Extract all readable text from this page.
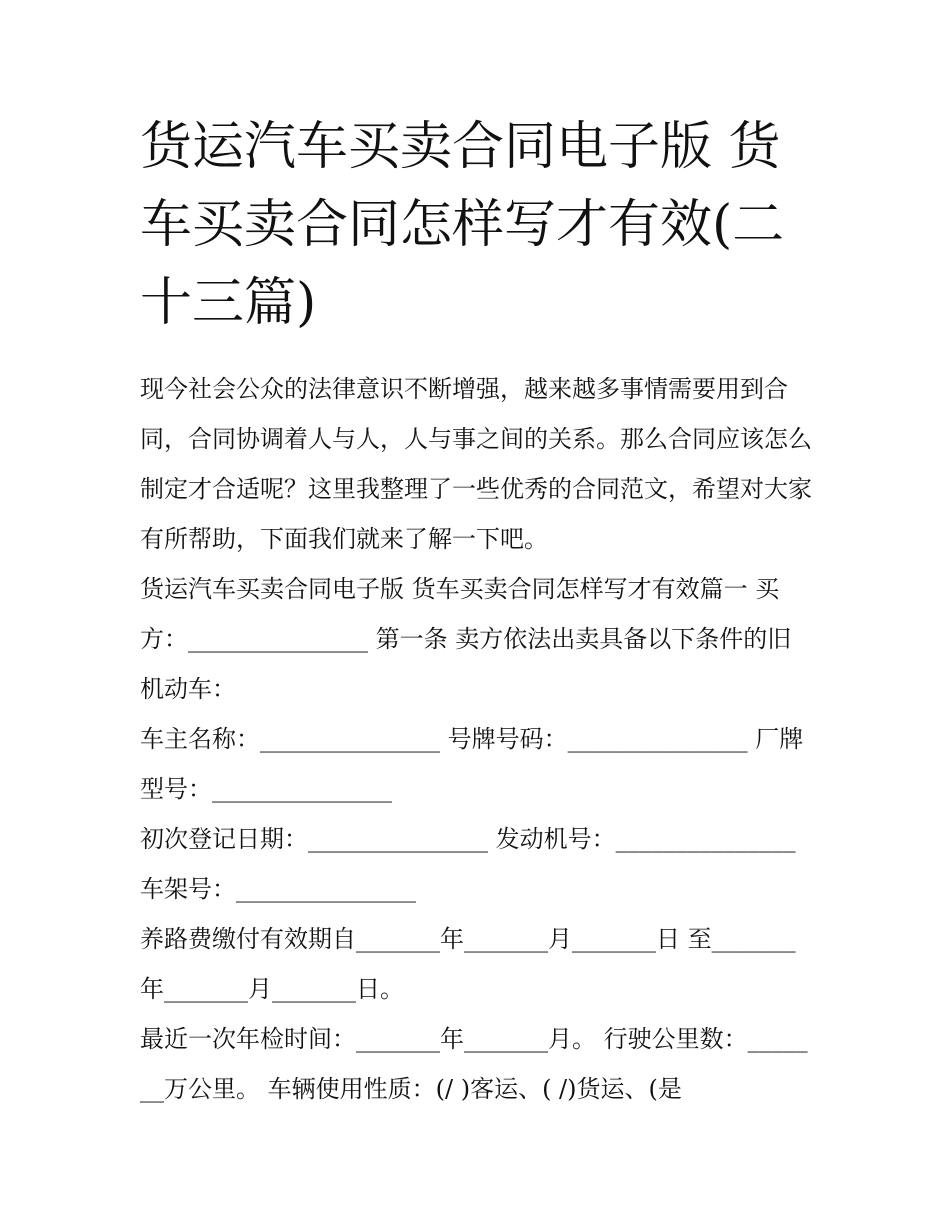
货运汽车买卖合同电子版 货车买卖合同怎样写才有效(二十三篇)

现今社会公众的法律意识不断增强，越来越多事情需要用到合同，合同协调着人与人，人与事之间的关系。那么合同应该怎么制定才合适呢？这里我整理了一些优秀的合同范文，希望对大家有所帮助，下面我们就来了解一下吧。

货运汽车买卖合同电子版 货车买卖合同怎样写才有效篇一 买方：_______________ 第一条 卖方依法出卖具备以下条件的旧机动车：

车主名称：_______________ 号牌号码：_______________ 厂牌型号：_______________

初次登记日期：_______________ 发动机号：_______________ 车架号：_______________

养路费缴付有效期自_______年_______月_______日 至_______年_______月_______日。

最近一次年检时间：_______年_______月。 行驶公里数：_______万公里。 车辆使用性质：(/ )客运、( /)货运、(是
